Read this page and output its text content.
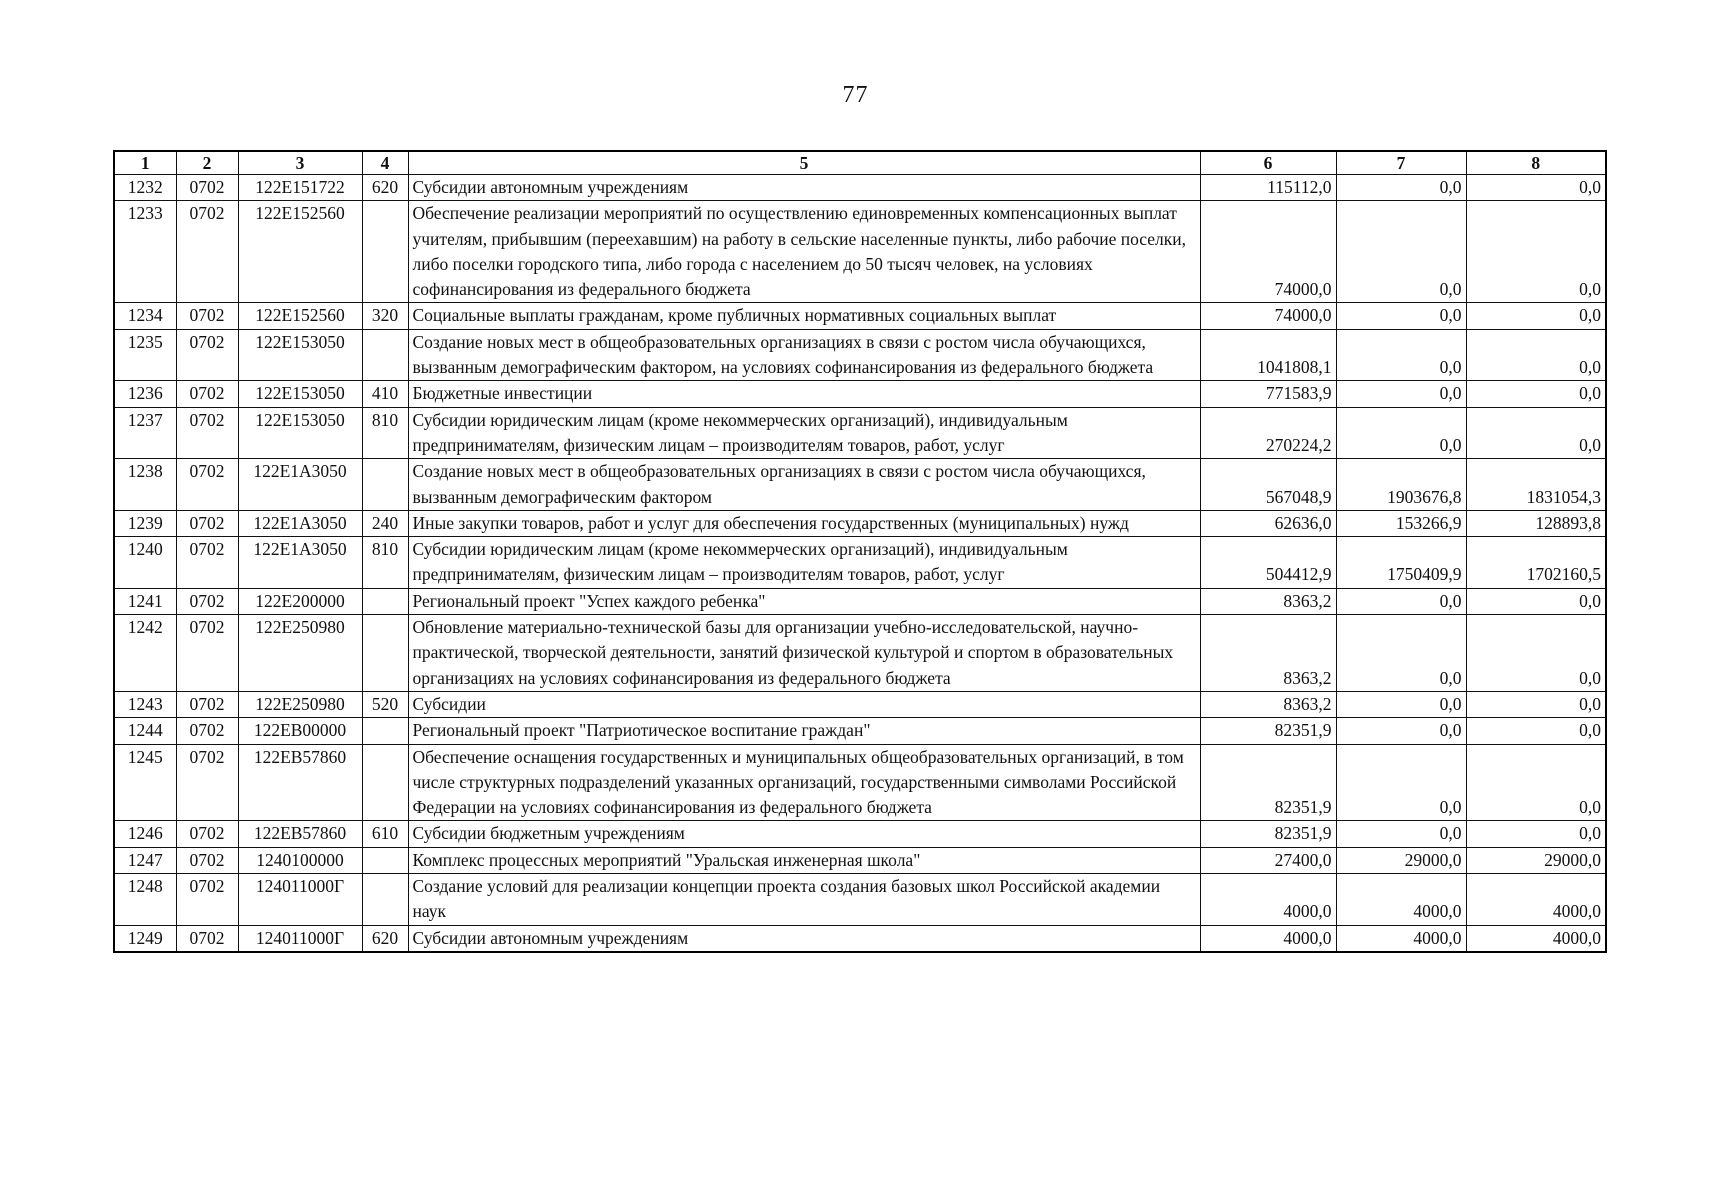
77
1	2	3	4	5	6	7	8
1232	0702	122E151722	620	Субсидии автономным учреждениям	115112,0	0,0	0,0
1233	0702	122E152560		Обеспечение реализации мероприятий по осуществлению единовременных компенсационных выплат учителям, прибывшим (переехавшим) на работу в сельские населенные пункты, либо рабочие поселки, либо поселки городского типа, либо города с населением до 50 тысяч человек, на условиях софинансирования из федерального бюджета	74000,0	0,0	0,0
1234	0702	122E152560	320	Социальные выплаты гражданам, кроме публичных нормативных социальных выплат	74000,0	0,0	0,0
1235	0702	122E153050		Создание новых мест в общеобразовательных организациях в связи с ростом числа обучающихся, вызванным демографическим фактором, на условиях софинансирования из федерального бюджета	1041808,1	0,0	0,0
1236	0702	122E153050	410	Бюджетные инвестиции	771583,9	0,0	0,0
1237	0702	122E153050	810	Субсидии юридическим лицам (кроме некоммерческих организаций), индивидуальным предпринимателям, физическим лицам – производителям товаров, работ, услуг	270224,2	0,0	0,0
1238	0702	122E1A3050		Создание новых мест в общеобразовательных организациях в связи с ростом числа обучающихся, вызванным демографическим фактором	567048,9	1903676,8	1831054,3
1239	0702	122E1A3050	240	Иные закупки товаров, работ и услуг для обеспечения государственных (муниципальных) нужд	62636,0	153266,9	128893,8
1240	0702	122E1A3050	810	Субсидии юридическим лицам (кроме некоммерческих организаций), индивидуальным предпринимателям, физическим лицам – производителям товаров, работ, услуг	504412,9	1750409,9	1702160,5
1241	0702	122E200000		Региональный проект "Успех каждого ребенка"	8363,2	0,0	0,0
1242	0702	122E250980		Обновление материально-технической базы для организации учебно-исследовательской, научно-практической, творческой деятельности, занятий физической культурой и спортом в образовательных организациях на условиях софинансирования из федерального бюджета	8363,2	0,0	0,0
1243	0702	122E250980	520	Субсидии	8363,2	0,0	0,0
1244	0702	122EB00000		Региональный проект "Патриотическое воспитание граждан"	82351,9	0,0	0,0
1245	0702	122EB57860		Обеспечение оснащения государственных и муниципальных общеобразовательных организаций, в том числе структурных подразделений указанных организаций, государственными символами Российской Федерации на условиях софинансирования из федерального бюджета	82351,9	0,0	0,0
1246	0702	122EB57860	610	Субсидии бюджетным учреждениям	82351,9	0,0	0,0
1247	0702	1240100000		Комплекс процессных мероприятий "Уральская инженерная школа"	27400,0	29000,0	29000,0
1248	0702	124011000Г		Создание условий для реализации концепции проекта создания базовых школ Российской академии наук	4000,0	4000,0	4000,0
1249	0702	124011000Г	620	Субсидии автономным учреждениям	4000,0	4000,0	4000,0
